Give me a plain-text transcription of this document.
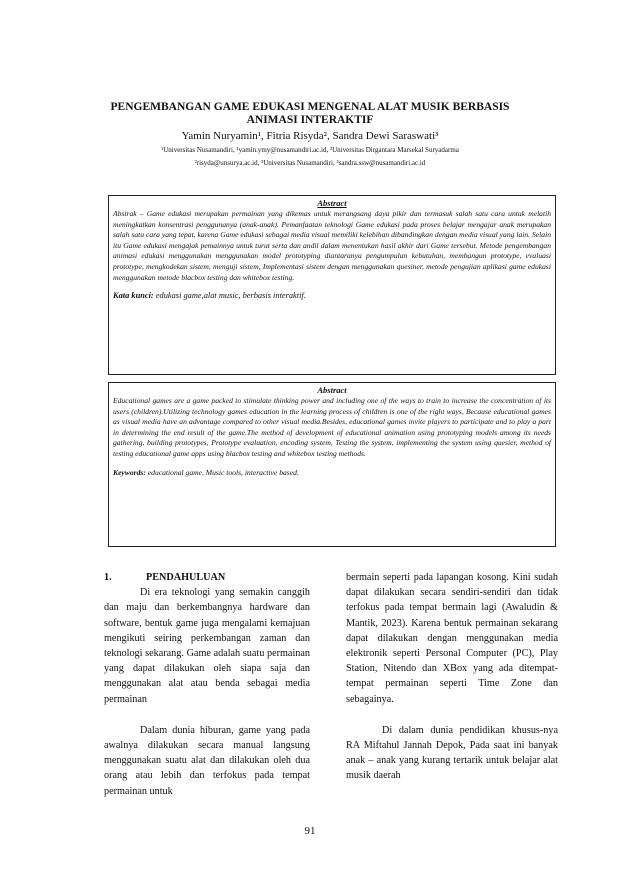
PENGEMBANGAN GAME EDUKASI MENGENAL ALAT MUSIK BERBASIS
ANIMASI INTERAKTIF
Yamin Nuryamin¹, Fitria Risyda², Sandra Dewi Saraswati³
¹Universitas Nusamandiri, ¹yamin.ymy@nusamandiri.ac.id, ²Universitas Dirgantara Marsekal Suryadarma
²risyda@unsurya.ac.id, ³Universitas Nusamandiri, ³sandra.ssw@nusamandiri.ac.id
Abstract
Abstrak – Game edukasi merupakan permainan yang dikemas untuk merangsang daya pikir dan termasuk salah satu cara untuk melatih meningkatkan konsentrasi penggunanya (anak-anak). Pemanfaatan teknologi Game edukasi pada proses belajar mengajar anak merupakan salah satu cara yang tepat, karena Game edukasi sebagai media visual memiliki kelebihan dibandingkan dengan media visual yang lain. Selain itu Game edukasi mengajak pemainnya untuk turut serta dan andil dalam menentukan hasil akhir dari Game tersebut. Metode pengembangan animasi edukasi menggunakan menggunakan model prototyping diantaranya pengumpulan kebutuhan, membangun prototype, evaluasi prototype, mengkodekan sistem, menguji sistem, Implementasi sistem dengan menggunakan quesiner, metode pengujian aplikasi game edukasi menggunakan metode blacbox testing dan whitebox testing.
Kata kunci: edukasi game,alat music, berbasis interaktif.
Abstract
Educational games are a game packed to stimulate thinking power and including one of the ways to train to increase the concentration of its users (children).Utilizing technology games education in the learning process of children is one of the right ways, Because educational games as visual media have an advantage compared to other visual media.Besides, educational games invite players to participate and to play a part in determining the end result of the game.The method of development of educational animation using prototyping models among its needs gathering, building prototypes, Prototype evaluation, encoding system, Testing the system, implementing the system using quesier, method of testing educational game apps using blacbox testing and whitebox testing methods.
Keywords: educational game, Music tools, interactive based.
1.	PENDAHULUAN

Di era teknologi yang semakin canggih dan maju dan berkembangnya hardware dan software, bentuk game juga mengalami kemajuan mengikuti seiring perkembangan zaman dan teknologi sekarang. Game adalah suatu permainan yang dapat dilakukan oleh siapa saja dan menggunakan alat atau benda sebagai media permainan

Dalam dunia hiburan, game yang pada awalnya dilakukan secara manual langsung menggunakan suatu alat dan dilakukan oleh dua orang atau lebih dan terfokus pada tempat permainan untuk

bermain seperti pada lapangan kosong. Kini sudah dapat dilakukan secara sendiri-sendiri dan tidak terfokus pada tempat bermain lagi (Awaludin & Mantik, 2023). Karena bentuk permainan sekarang dapat dilakukan dengan menggunakan media elektronik seperti Personal Computer (PC), Play Station, Nitendo dan XBox yang ada ditempat-tempat permainan seperti Time Zone dan sebagainya.

Di dalam dunia pendidikan khusus-nya RA Miftahul Jannah Depok, Pada saat ini banyak anak – anak yang kurang tertarik untuk belajar alat musik daerah

91
